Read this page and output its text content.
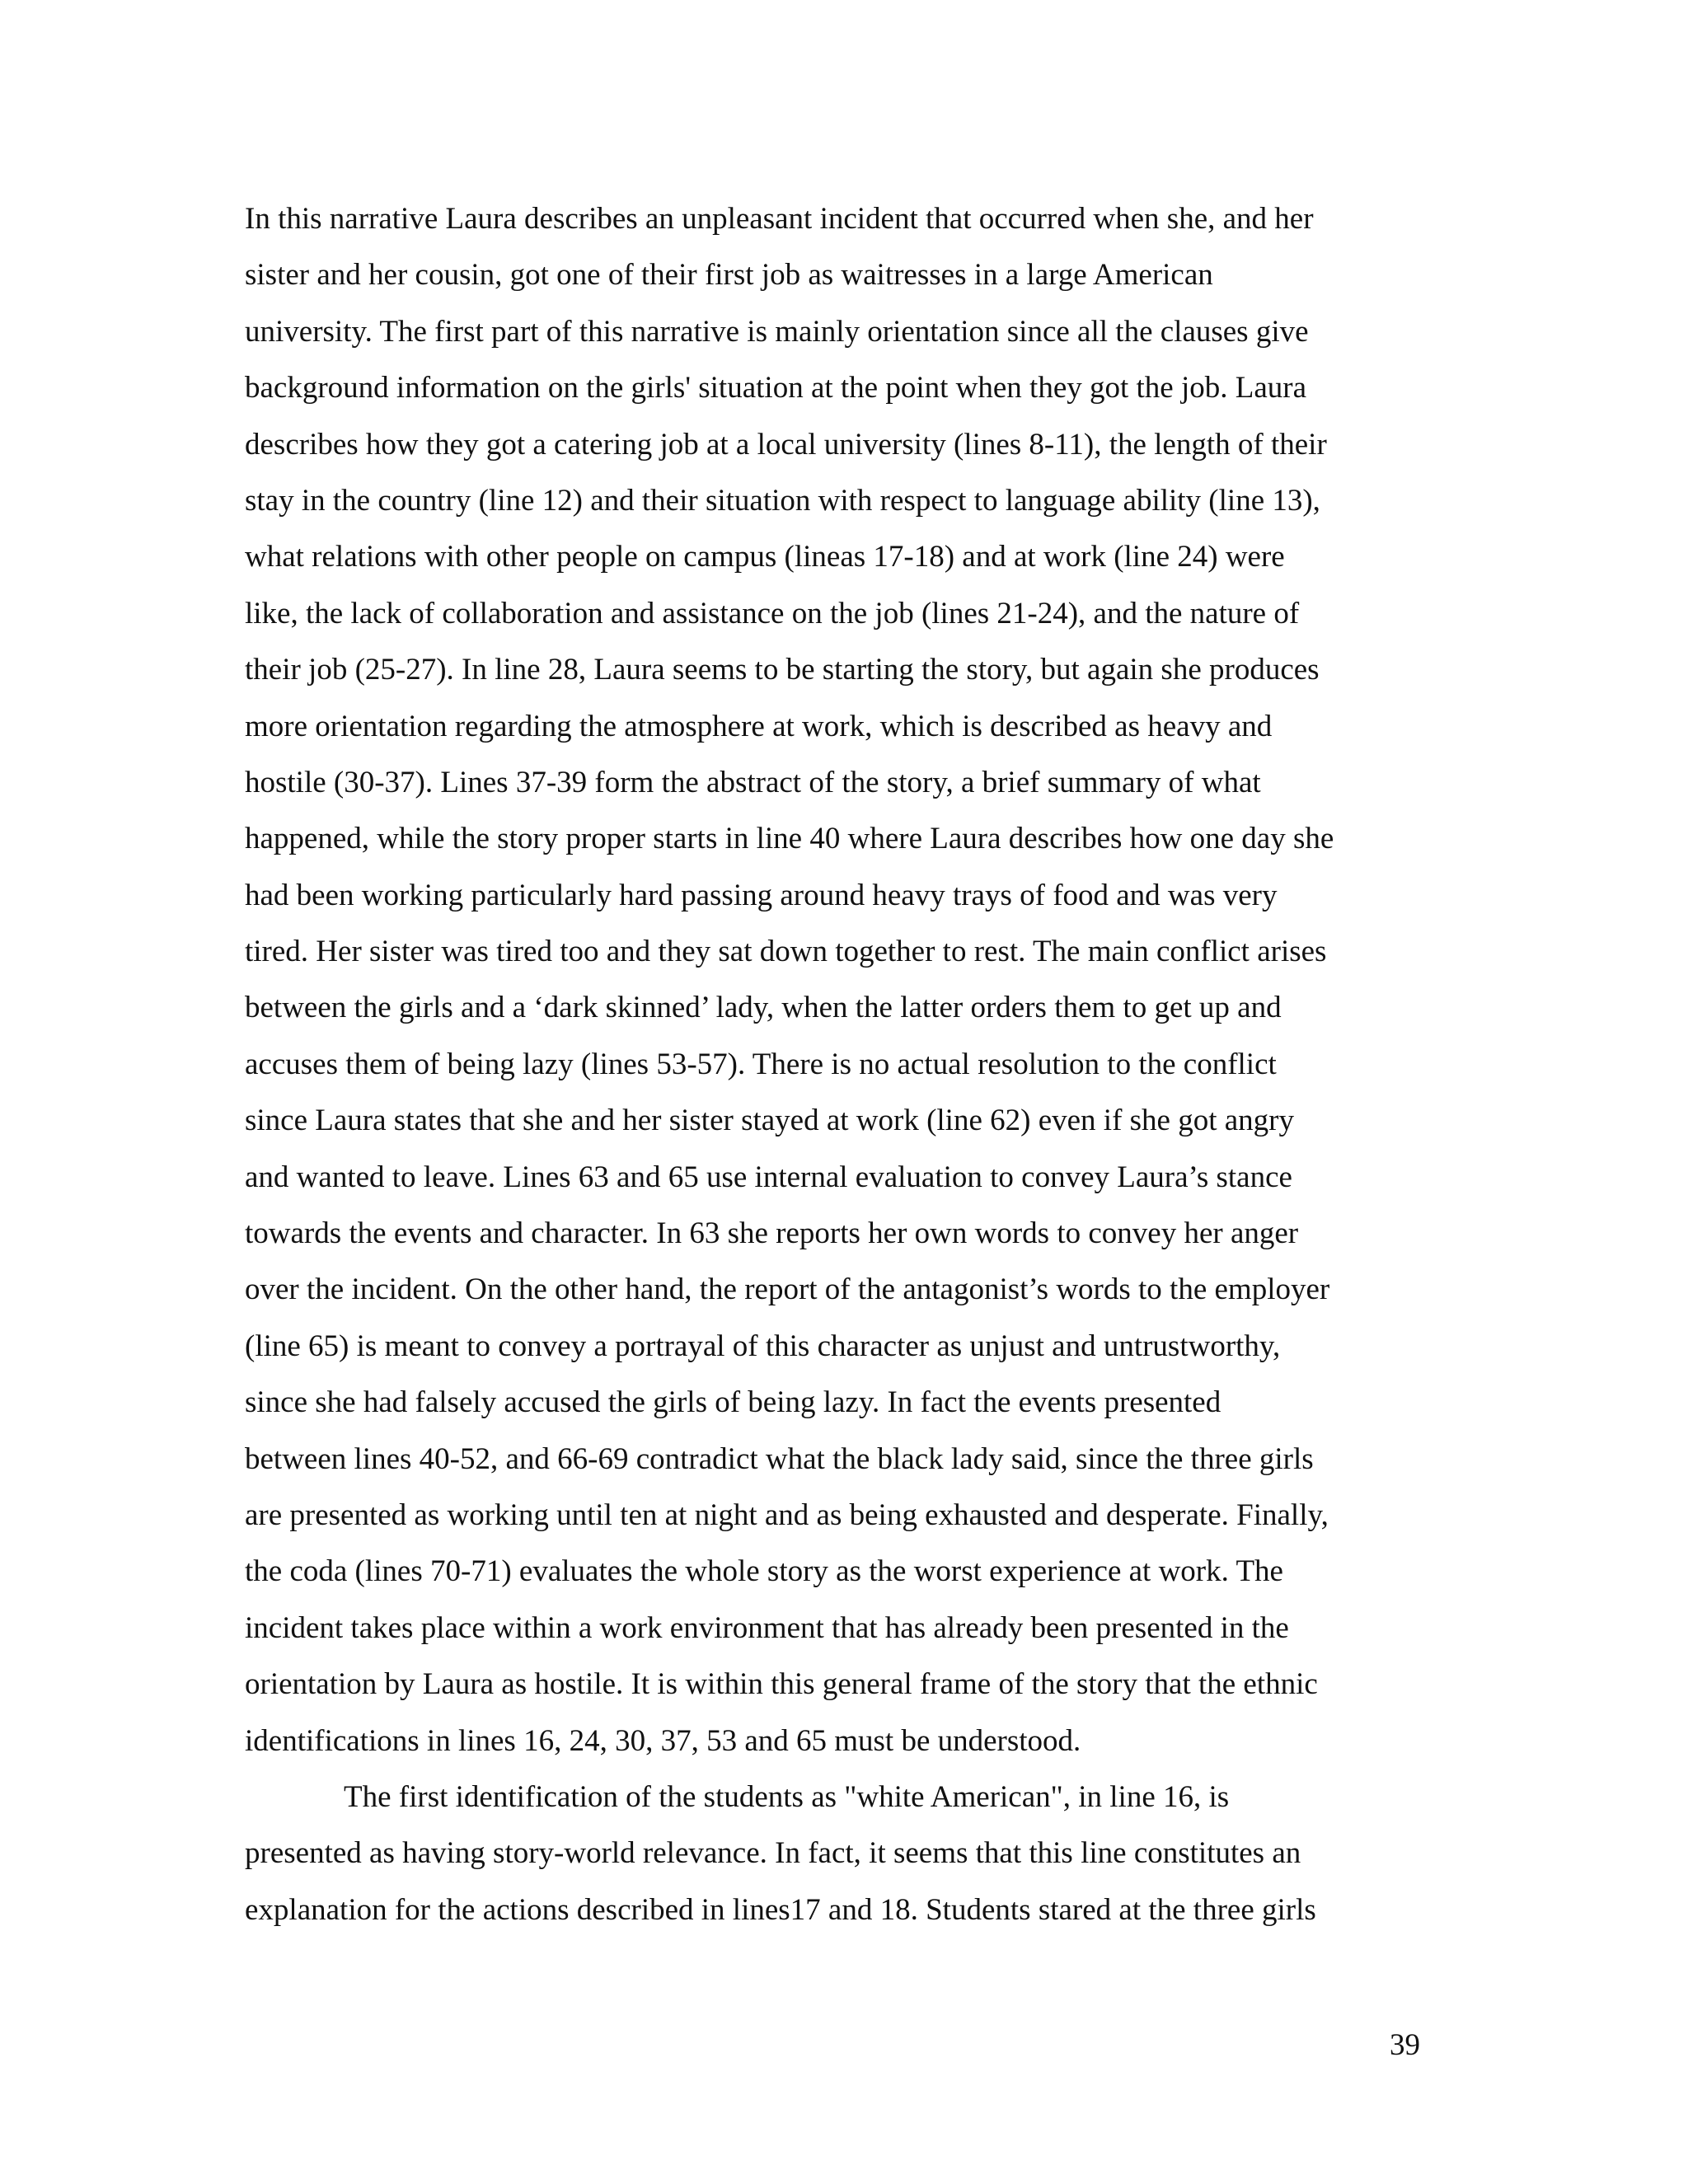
In this narrative Laura describes an unpleasant incident that occurred when she, and her
sister and her cousin, got one of their first job as waitresses in a large American
university. The first part of this narrative is mainly orientation since all the clauses give
background information on the girls' situation at the point when they got the job. Laura
describes how they got a catering job at a local university (lines 8-11), the length of their
stay in the country (line 12) and their situation with respect to language ability (line 13),
what relations with other people on campus (lineas 17-18) and at work (line 24) were
like, the lack of collaboration and assistance on the job (lines 21-24), and the nature of
their job (25-27). In line 28, Laura seems to be starting the story, but again she produces
more orientation regarding the atmosphere at work, which is described as heavy and
hostile (30-37). Lines 37-39 form the abstract of the story, a brief summary of what
happened, while the story proper starts in line 40 where Laura describes how one day she
had been working particularly hard passing around heavy trays of food and was very
tired. Her sister was tired too and they sat down together to rest. The main conflict arises
between the girls and a ‘dark skinned’ lady, when the latter orders them to get up and
accuses them of being lazy (lines 53-57). There is no actual resolution to the conflict
since Laura states that she and her sister stayed at work (line 62) even if she got angry
and wanted to leave. Lines 63 and 65 use internal evaluation to convey Laura’s stance
towards the events and character. In 63 she reports her own words to convey her anger
over the incident. On the other hand, the report of the antagonist’s words to the employer
(line 65) is meant to convey a portrayal of this character as unjust and untrustworthy,
since she had falsely accused the girls of being lazy. In fact the events presented
between lines 40-52, and 66-69 contradict what the black lady said, since the three girls
are presented as working until ten at night and as being exhausted and desperate. Finally,
the coda (lines 70-71) evaluates the whole story as the worst experience at work. The
incident takes place within a work environment that has already been presented in the
orientation by Laura as hostile. It is within this general frame of the story that the ethnic
identifications in lines 16, 24, 30, 37, 53 and 65 must be understood.
The first identification of the students as "white American", in line 16, is
presented as having story-world relevance. In fact, it seems that this line constitutes an
explanation for the actions described in lines17 and 18. Students stared at the three girls
39
